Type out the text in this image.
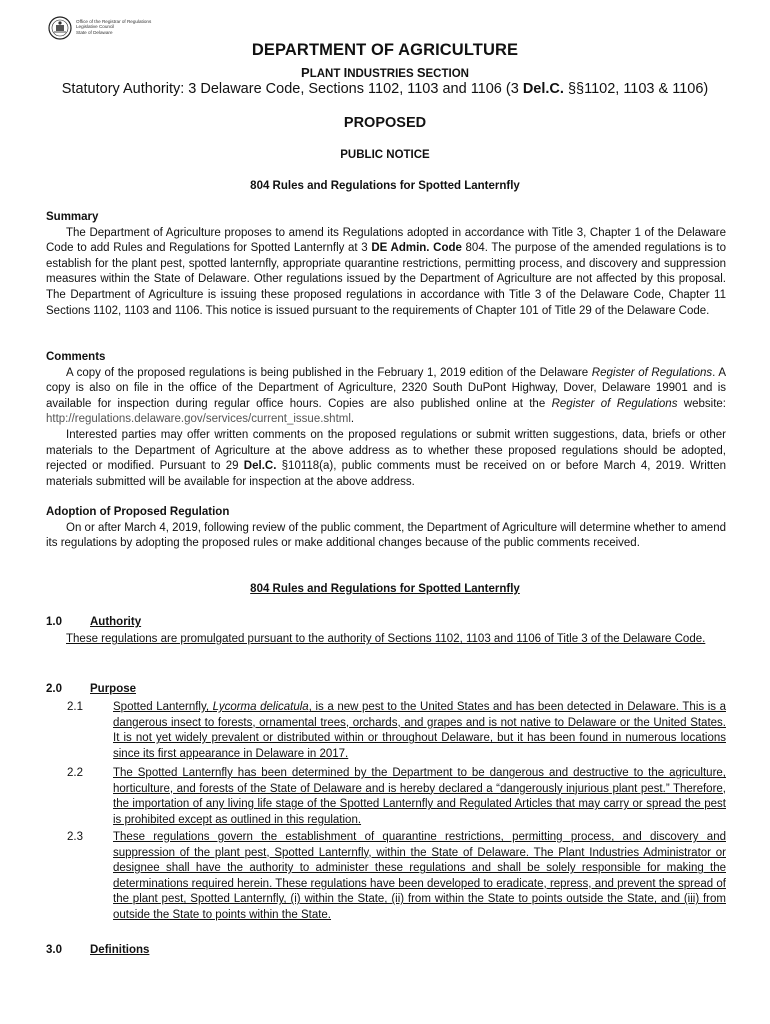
Office of the Registrar of Regulations
Legislative Council
State of Delaware
DEPARTMENT OF AGRICULTURE
PLANT INDUSTRIES SECTION
Statutory Authority: 3 Delaware Code, Sections 1102, 1103 and 1106 (3 Del.C. §§1102, 1103 & 1106)
PROPOSED
PUBLIC NOTICE
804 Rules and Regulations for Spotted Lanternfly
Summary
The Department of Agriculture proposes to amend its Regulations adopted in accordance with Title 3, Chapter 1 of the Delaware Code to add Rules and Regulations for Spotted Lanternfly at 3 DE Admin. Code 804. The purpose of the amended regulations is to establish for the plant pest, spotted lanternfly, appropriate quarantine restrictions, permitting process, and discovery and suppression measures within the State of Delaware. Other regulations issued by the Department of Agriculture are not affected by this proposal. The Department of Agriculture is issuing these proposed regulations in accordance with Title 3 of the Delaware Code, Chapter 11 Sections 1102, 1103 and 1106. This notice is issued pursuant to the requirements of Chapter 101 of Title 29 of the Delaware Code.
Comments
A copy of the proposed regulations is being published in the February 1, 2019 edition of the Delaware Register of Regulations. A copy is also on file in the office of the Department of Agriculture, 2320 South DuPont Highway, Dover, Delaware 19901 and is available for inspection during regular office hours. Copies are also published online at the Register of Regulations website: http://regulations.delaware.gov/services/current_issue.shtml.
Interested parties may offer written comments on the proposed regulations or submit written suggestions, data, briefs or other materials to the Department of Agriculture at the above address as to whether these proposed regulations should be adopted, rejected or modified. Pursuant to 29 Del.C. §10118(a), public comments must be received on or before March 4, 2019. Written materials submitted will be available for inspection at the above address.
Adoption of Proposed Regulation
On or after March 4, 2019, following review of the public comment, the Department of Agriculture will determine whether to amend its regulations by adopting the proposed rules or make additional changes because of the public comments received.
804 Rules and Regulations for Spotted Lanternfly
1.0 Authority
These regulations are promulgated pursuant to the authority of Sections 1102, 1103 and 1106 of Title 3 of the Delaware Code.
2.0 Purpose
2.1	Spotted Lanternfly, Lycorma delicatula, is a new pest to the United States and has been detected in Delaware. This is a dangerous insect to forests, ornamental trees, orchards, and grapes and is not native to Delaware or the United States. It is not yet widely prevalent or distributed within or throughout Delaware, but it has been found in numerous locations since its first appearance in Delaware in 2017.
2.2	The Spotted Lanternfly has been determined by the Department to be dangerous and destructive to the agriculture, horticulture, and forests of the State of Delaware and is hereby declared a “dangerously injurious plant pest.” Therefore, the importation of any living life stage of the Spotted Lanternfly and Regulated Articles that may carry or spread the pest is prohibited except as outlined in this regulation.
2.3	These regulations govern the establishment of quarantine restrictions, permitting process, and discovery and suppression of the plant pest, Spotted Lanternfly, within the State of Delaware. The Plant Industries Administrator or designee shall have the authority to administer these regulations and shall be solely responsible for making the determinations required herein. These regulations have been developed to eradicate, repress, and prevent the spread of the plant pest, Spotted Lanternfly, (i) within the State, (ii) from within the State to points outside the State, and (iii) from outside the State to points within the State.
3.0 Definitions
